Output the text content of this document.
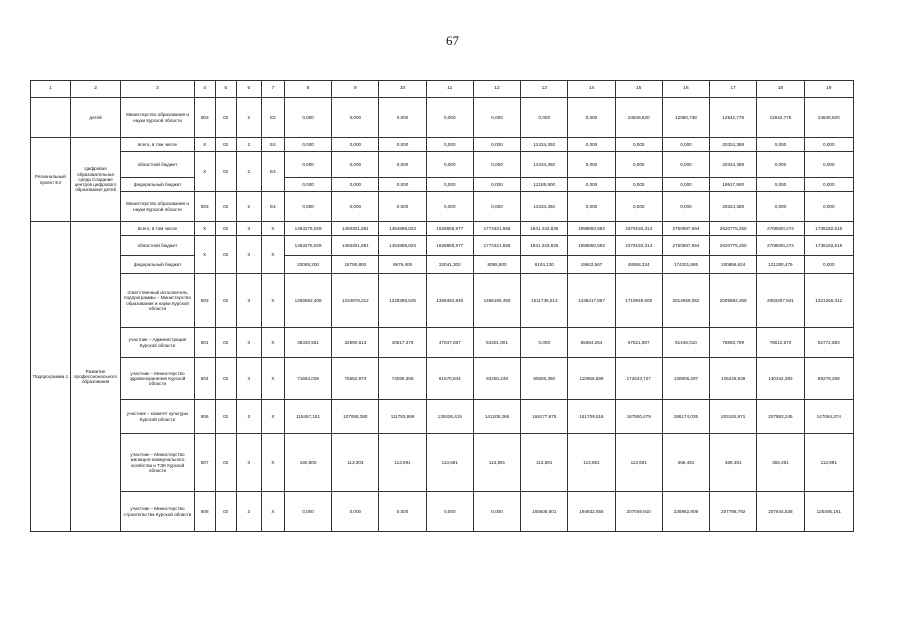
67
1	2	3	4	5	6	7	8	9	10	11	12	13	14	15	16	17	18	19
	детей	Министерство образования и науки Курской области	803	02	2	E2	0,000	0,000	0,000	0,000	0,000	0,000	0,000	24849,820	12980,738	12942,778	12942,778	24849,820
Региональный проект Е4	Цифровая образовательная среда Создание центров цифрового образования детей	всего, в том числе	X	02	2	E4	0,000	0,000	0,000	0,000	0,000	12434,392	0,000	0,000	0,000	20324,388	0,000	0,000
		областной бюджет	X	02	2	E4	0,000	0,000	0,000	0,000	0,000	12434,392	0,000	0,000	0,000	20324,388	0,000	0,000
		федеральный бюджет					0,000	0,000	0,000	0,000	0,000	12185,900	0,000	0,000	0,000	19917,900	0,000	0,000
		Министерство образования и науки Курской области	803	02	2	E4	0,000	0,000	0,000	0,000	0,000	12434,392	0,000	0,000	0,000	20324,388	0,000	0,000
Подпрограмма 1	Развитие профессионального образования	всего, в том числе	X	02	3	X	1483275,029	1450301,681	1454889,823	1628855,977	1774321,556	1941 233,835	1958850,592	2379193,314	2750597,694	2620775,250	2708500,274	1736182,616
		областной бюджет	X	02	3	X	1483275,029	1450301,681	1454889,823	1628855,977	1774321,556	1941 233,835	1958850,592	2379193,314	2750597,694	2620775,250	2708500,274	1736182,616
		федеральный бюджет					23068,200	18790,800	6979,400	32041,300	8085,800	9104,130	19842,567	48558,324	174201,865	100866,624	121280,479	0,000
		ответственный исполнитель подпрограммы – Министерство образования и науки Курской области	803	02	3	X	1256652,408	1234878,212	1228386,526	1369482,840	1486195,450	1511745,513	1436417,887	1719949,600	2014659,052	2005892,259	2083267,941	1321265,312
		участник – Администрация Курской области	801	02	3	X	38330,561	32590,813	40517,378	47047,087	54401,901	0,000	55584,254	97521,907	81446,010	76893,799	78612,670	52772,583
		участник – Министерство здравоохранения Курской области	804	02	3	X	71664,039	75652,973	74088,359	81670,944	92250,249	95500,350	110956,589	172643,727	130805,297	126246,938	130342,393	89279,268
		участник – комитет культуры Курской области	806	02	3	X	116467,151	107068,380	111783,869	130426,415	141205,265	168177,878	161709,516	187500,479	286174,035	203192,971	207883,245	147084,374
		участник – Министерство жилищно-коммунального хозяйства и ТЭК Курской области	807	02	3	X	160,800	113,303	113,691	113,691	113,691	113,691	113,691	113,691	368,491	368,491	368,491	113,691
		участник – Министерство строительства Курской области	808	02	3	X	0,000	0,000	0,000	0,000	0,000	165505,601	194832,655	207049,910	236962,809	207798,792	207644,538	125405,191
